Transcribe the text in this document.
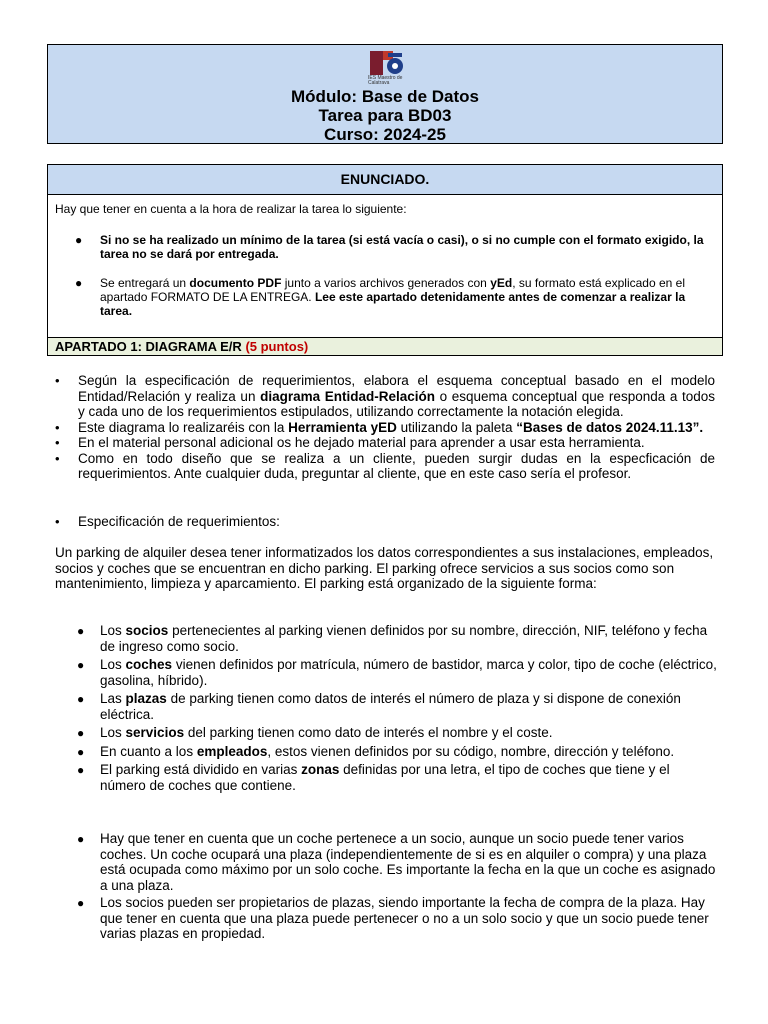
IES Maestro de Calatrava
Módulo: Base de Datos
Tarea para BD03
Curso: 2024-25
ENUNCIADO.
Hay que tener en cuenta a la hora de realizar la tarea lo siguiente:
● Si no se ha realizado un mínimo de la tarea (si está vacía o casi), o si no cumple con el formato exigido, la tarea no se dará por entregada.
● Se entregará un documento PDF junto a varios archivos generados con yEd, su formato está explicado en el apartado FORMATO DE LA ENTREGA. Lee este apartado detenidamente antes de comenzar a realizar la tarea.
APARTADO 1: DIAGRAMA E/R (5 puntos)
• Según la especificación de requerimientos, elabora el esquema conceptual basado en el modelo Entidad/Relación y realiza un diagrama Entidad-Relación o esquema conceptual que responda a todos y cada uno de los requerimientos estipulados, utilizando correctamente la notación elegida.
• Este diagrama lo realizaréis con la Herramienta yED utilizando la paleta “Bases de datos 2024.11.13”.
• En el material personal adicional os he dejado material para aprender a usar esta herramienta.
• Como en todo diseño que se realiza a un cliente, pueden surgir dudas en la especficación de requerimientos. Ante cualquier duda, preguntar al cliente, que en este caso sería el profesor.
• Especificación de requerimientos:
Un parking de alquiler desea tener informatizados los datos correspondientes a sus instalaciones, empleados, socios y coches que se encuentran en dicho parking. El parking ofrece servicios a sus socios como son mantenimiento, limpieza y aparcamiento. El parking está organizado de la siguiente forma:
● Los socios pertenecientes al parking vienen definidos por su nombre, dirección, NIF, teléfono y fecha de ingreso como socio.
● Los coches vienen definidos por matrícula, número de bastidor, marca y color, tipo de coche (eléctrico, gasolina, híbrido).
● Las plazas de parking tienen como datos de interés el número de plaza y si dispone de conexión eléctrica.
● Los servicios del parking tienen como dato de interés el nombre y el coste.
● En cuanto a los empleados, estos vienen definidos por su código, nombre, dirección y teléfono.
● El parking está dividido en varias zonas definidas por una letra, el tipo de coches que tiene y el número de coches que contiene.
● Hay que tener en cuenta que un coche pertenece a un socio, aunque un socio puede tener varios coches. Un coche ocupará una plaza (independientemente de si es en alquiler o compra) y una plaza está ocupada como máximo por un solo coche. Es importante la fecha en la que un coche es asignado a una plaza.
● Los socios pueden ser propietarios de plazas, siendo importante la fecha de compra de la plaza. Hay que tener en cuenta que una plaza puede pertenecer o no a un solo socio y que un socio puede tener varias plazas en propiedad.
